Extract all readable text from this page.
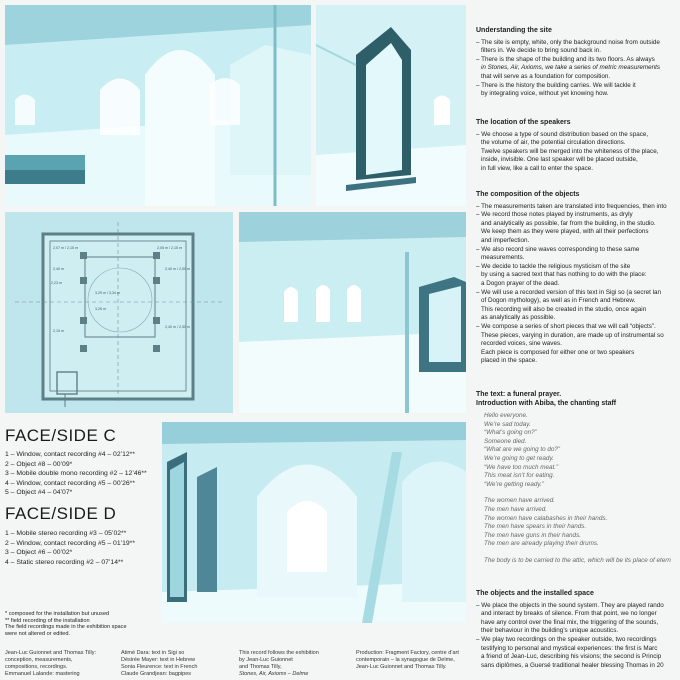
2,07 m / 2,15 m	2,05 m / 2,15 m
2,40 m	2,40 m / 2,50 m
2,23 m
3,29 m / 3,34 m
3,26 m
2,40 m / 2,50 m
2,15 m
FACE/SIDE C
1 – Window, contact recording #4 – 02’12**
2 – Object #8 – 00’09*
3 – Mobile double mono recording #2 – 12’46**
4 – Window, contact recording #5 – 00’26**
5 – Object #4 – 04’07*
FACE/SIDE D
1 – Mobile stereo recording #3 – 05’02**
2 – Window, contact recording #5 – 01’19**
3 – Object #6 – 00’02*
4 – Static stereo recording #2 – 07’14**
* composed for the installation but unused
** field recording of the installation
The field recordings made in the exhibition space
were not altered or edited.
Jean-Luc Guionnet and Thomas Tilly:
conception, measurements,
compositions, recordings.
Emmanuel Lalande: mastering
Atimé Dara: text in Sigi so
Désirée Mayer: text in Hebrew
Sonia Fleurence: text in French
Claude Grandjean: bagpipes
This record follows the exhibition
by Jean-Luc Guionnet
and Thomas Tilly,
Stones, Air, Axioms – Delme
Production: Fragment Factory, centre d’art
contemporain – la synagogue de Delme,
Jean-Luc Guionnet and Thomas Tilly.
Understanding the site
– The site is empty, white, only the background noise from outside
filters in. We decide to bring sound back in.
– There is the shape of the building and its two floors. As always
in Stones, Air, Axioms, we take a series of metric measurements
that will serve as a foundation for composition.
– There is the history the building carries. We will tackle it
by integrating voice, without yet knowing how.
The location of the speakers
– We choose a type of sound distribution based on the space,
the volume of air, the potential circulation directions.
Twelve speakers will be merged into the whiteness of the place,
inside, invisible. One last speaker will be placed outside,
in full view, like a call to enter the space.
The composition of the objects
– The measurements taken are translated into frequencies, then into
– We record those notes played by instruments, as dryly
and analytically as possible, far from the building, in the studio.
We keep them as they were played, with all their perfections
and imperfection.
– We also record sine waves corresponding to these same
measurements.
– We decide to tackle the religious mysticism of the site
by using a sacred text that has nothing to do with the place:
a Dogon prayer of the dead.
– We will use a recorded version of this text in Sigi so (a secret lan
of Dogon mythology), as well as in French and Hebrew.
This recording will also be created in the studio, once again
as analytically as possible.
– We compose a series of short pieces that we will call “objects”.
These pieces, varying in duration, are made up of instrumental so
recorded voices, sine waves.
Each piece is composed for either one or two speakers
placed in the space.
The text: a funeral prayer.
Introduction with Abiba, the chanting staff

Hello everyone.

We’re sad today.

“What’s going on?”

Someone died.

“What are we going to do?”

We’re going to get ready.

“We have too much meat.”

This meat isn’t for eating.

“We’re getting ready.”

The women have arrived.

The men have arrived.

The women have calabashes in their hands.

The men have spears in their hands.

The men have guns in their hands.

The men are already playing their drums.

The body is to be carried to the attic, which will be its place of etern

The objects and the installed space
– We place the objects in the sound system. They are played rando
and interact by breaks of silence. From that point, we no longer
have any control over the final mix, the triggering of the sounds,
their behaviour in the building’s unique acoustics.
– We play two recordings on the speaker outside, two recordings
testifying to personal and mystical experiences: the first is Marc
a friend of Jean-Luc, describing his visions; the second is Princip
sans diplômes, a Guersé traditional healer blessing Thomas in 20
